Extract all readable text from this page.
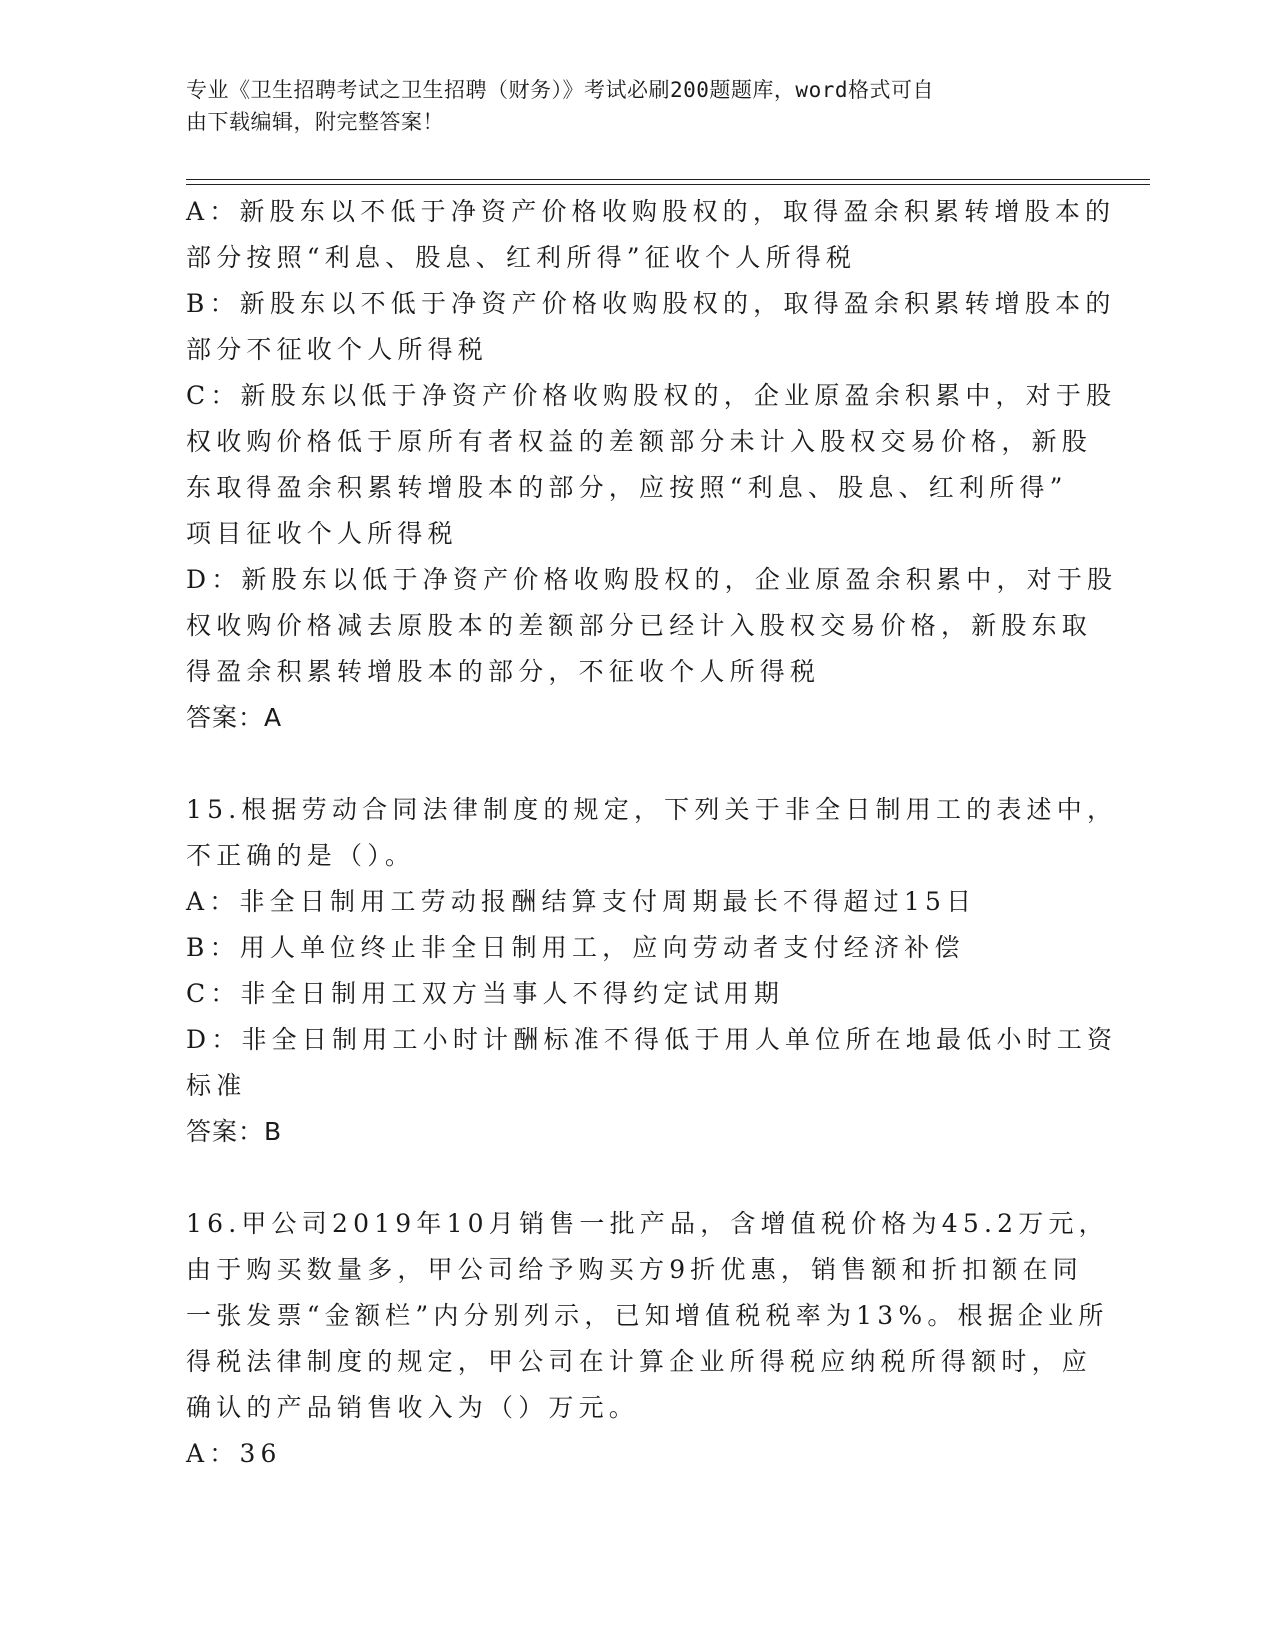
专业《卫生招聘考试之卫生招聘（财务）》考试必刷200题题库，word格式可自
由下载编辑，附完整答案！
A：新股东以不低于净资产价格收购股权的，取得盈余积累转增股本的
部分按照“利息、股息、红利所得”征收个人所得税
B：新股东以不低于净资产价格收购股权的，取得盈余积累转增股本的
部分不征收个人所得税
C：新股东以低于净资产价格收购股权的，企业原盈余积累中，对于股
权收购价格低于原所有者权益的差额部分未计入股权交易价格，新股
东取得盈余积累转增股本的部分，应按照“利息、股息、红利所得”
项目征收个人所得税
D：新股东以低于净资产价格收购股权的，企业原盈余积累中，对于股
权收购价格减去原股本的差额部分已经计入股权交易价格，新股东取
得盈余积累转增股本的部分，不征收个人所得税
答案：A
15.根据劳动合同法律制度的规定，下列关于非全日制用工的表述中，
不正确的是（）。
A：非全日制用工劳动报酬结算支付周期最长不得超过15日
B：用人单位终止非全日制用工，应向劳动者支付经济补偿
C：非全日制用工双方当事人不得约定试用期
D：非全日制用工小时计酬标准不得低于用人单位所在地最低小时工资
标准
答案：B
16.甲公司2019年10月销售一批产品，含增值税价格为45.2万元，
由于购买数量多，甲公司给予购买方9折优惠，销售额和折扣额在同
一张发票“金额栏”内分别列示，已知增值税税率为13%。根据企业所
得税法律制度的规定，甲公司在计算企业所得税应纳税所得额时，应
确认的产品销售收入为（）万元。
A：36
